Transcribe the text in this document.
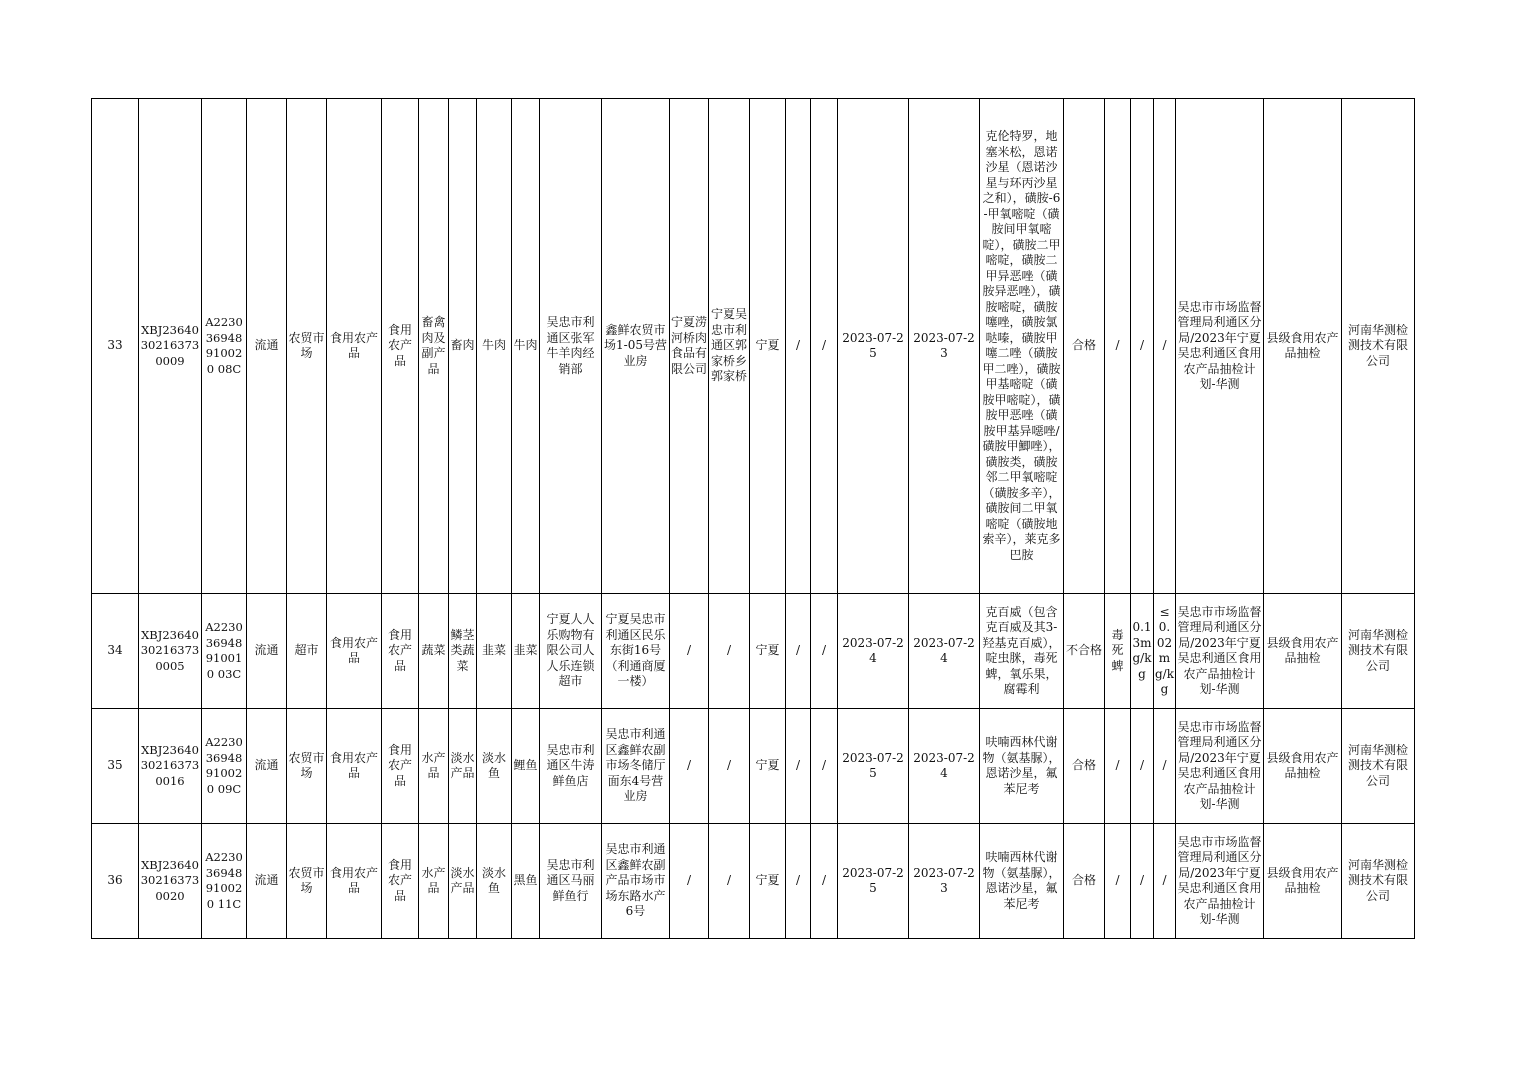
33	XBJ23640302163730009	A223036948910020 08C	流通	农贸市场	食用农产品	食用农产品	畜禽肉及副产品	畜肉	牛肉	牛肉	吴忠市利通区张军牛羊肉经销部	鑫鲜农贸市场1-05号营业房	宁夏涝河桥肉食品有限公司	宁夏吴忠市利通区郭家桥乡郭家桥	宁夏	/	/	2023-07-25	2023-07-23	克伦特罗，地塞米松，恩诺沙星（恩诺沙星与环丙沙星之和），磺胺-6-甲氧嘧啶（磺胺间甲氧嘧啶），磺胺二甲嘧啶，磺胺二甲异恶唑（磺胺异恶唑），磺胺嘧啶，磺胺噻唑，磺胺氯哒嗪，磺胺甲噻二唑（磺胺甲二唑），磺胺甲基嘧啶（磺胺甲嘧啶），磺胺甲恶唑（磺胺甲基异噁唑/磺胺甲鯽唑），磺胺类，磺胺邻二甲氧嘧啶（磺胺多辛），磺胺间二甲氧嘧啶（磺胺地索辛），莱克多巴胺	合格	/	/	/	吴忠市市场监督管理局利通区分局/2023年宁夏吴忠利通区食用农产品抽检计划-华测	县级食用农产品抽检	河南华测检测技术有限公司
34	XBJ23640302163730005	A223036948910010 03C	流通	超市	食用农产品	食用农产品	蔬菜	鳞茎类蔬菜	韭菜	韭菜	宁夏人人乐购物有限公司人人乐连锁超市	宁夏吴忠市利通区民乐东街16号（利通商厦一楼）	/	/	宁夏	/	/	2023-07-24	2023-07-24	克百威（包含克百威及其3-羟基克百威），啶虫脒，毒死蜱，氧乐果，腐霉利	不合格	毒死蜱	0.13mg/kg	≤0.02mg/kg	吴忠市市场监督管理局利通区分局/2023年宁夏吴忠利通区食用农产品抽检计划-华测	县级食用农产品抽检	河南华测检测技术有限公司
35	XBJ23640302163730016	A223036948910020 09C	流通	农贸市场	食用农产品	食用农产品	水产品	淡水产品	淡水鱼	鲤鱼	吴忠市利通区牛涛鲜鱼店	吴忠市利通区鑫鲜农副市场冬储厅面东4号营业房	/	/	宁夏	/	/	2023-07-25	2023-07-24	呋喃西林代谢物（氨基脲），恩诺沙星，氟苯尼考	合格	/	/	/	吴忠市市场监督管理局利通区分局/2023年宁夏吴忠利通区食用农产品抽检计划-华测	县级食用农产品抽检	河南华测检测技术有限公司
36	XBJ23640302163730020	A223036948910020 11C	流通	农贸市场	食用农产品	食用农产品	水产品	淡水产品	淡水鱼	黑鱼	吴忠市利通区马丽鲜鱼行	吴忠市利通区鑫鲜农副产品市场市场东路水产6号	/	/	宁夏	/	/	2023-07-25	2023-07-23	呋喃西林代谢物（氨基脲），恩诺沙星，氟苯尼考	合格	/	/	/	吴忠市市场监督管理局利通区分局/2023年宁夏吴忠利通区食用农产品抽检计划-华测	县级食用农产品抽检	河南华测检测技术有限公司
